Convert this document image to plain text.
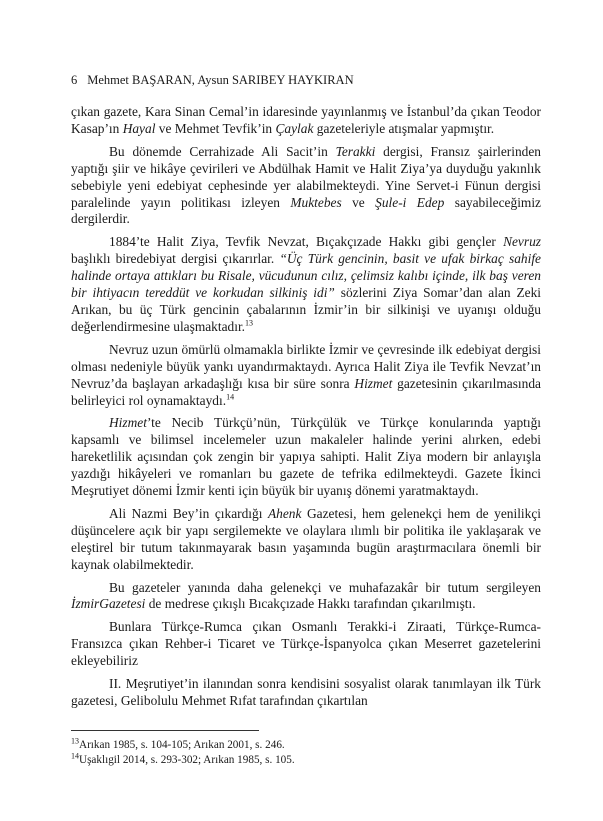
6 Mehmet BAŞARAN, Aysun SARIBEY HAYKIRAN

çıkan gazete, Kara Sinan Cemal’in idaresinde yayınlanmış ve İstanbul’da çıkan Teodor Kasap’ın Hayal ve Mehmet Tevfik’in Çaylak gazeteleriyle atışmalar yapmıştır.

Bu dönemde Cerrahizade Ali Sacit’in Terakki dergisi, Fransız şairlerinden yaptığı şiir ve hikâye çevirileri ve Abdülhak Hamit ve Halit Ziya’ya duyduğu yakınlık sebebiyle yeni edebiyat cephesinde yer alabilmekteydi. Yine Servet-i Fünun dergisi paralelinde yayın politikası izleyen Muktebes ve Şule-i Edep sayabileceğimiz dergilerdir.

1884’te Halit Ziya, Tevfik Nevzat, Bıçakçızade Hakkı gibi gençler Nevruz başlıklı biredebiyat dergisi çıkarırlar. “Üç Türk gencinin, basit ve ufak birkaç sahife halinde ortaya attıkları bu Risale, vücudunun cılız, çelimsiz kalıbı içinde, ilk baş veren bir ihtiyacın tereddüt ve korkudan silkiniş idi” sözlerini Ziya Somar’dan alan Zeki Arıkan, bu üç Türk gencinin çabalarının İzmir’in bir silkinişi ve uyanışı olduğu değerlendirmesine ulaşmaktadır.$^{13}$

Nevruz uzun ömürlü olmamakla birlikte İzmir ve çevresinde ilk edebiyat dergisi olması nedeniyle büyük yankı uyandırmaktaydı. Ayrıca Halit Ziya ile Tevfik Nevzat’ın Nevruz’da başlayan arkadaşlığı kısa bir süre sonra Hizmet gazetesinin çıkarılmasında belirleyici rol oynamaktaydı.$^{14}$

Hizmet’te Necib Türkçü’nün, Türkçülük ve Türkçe konularında yaptığı kapsamlı ve bilimsel incelemeler uzun makaleler halinde yerini alırken, edebi hareketlilik açısından çok zengin bir yapıya sahipti. Halit Ziya modern bir anlayışla yazdığı hikâyeleri ve romanları bu gazete de tefrika edilmekteydi. Gazete İkinci Meşrutiyet dönemi İzmir kenti için büyük bir uyanış dönemi yaratmaktaydı.

Ali Nazmi Bey’in çıkardığı Ahenk Gazetesi, hem gelenekçi hem de yenilikçi düşüncelere açık bir yapı sergilemekte ve olaylara ılımlı bir politika ile yaklaşarak ve eleştirel bir tutum takınmayarak basın yaşamında bugün araştırmacılara önemli bir kaynak olabilmektedir.

Bu gazeteler yanında daha gelenekçi ve muhafazakâr bir tutum sergileyen İzmirGazetesi de medrese çıkışlı Bıcakçızade Hakkı tarafından çıkarılmıştı.

Bunlara Türkçe-Rumca çıkan Osmanlı Terakki-i Ziraati, Türkçe-Rumca-Fransızca çıkan Rehber-i Ticaret ve Türkçe-İspanyolca çıkan Meserret gazetelerini ekleyebiliriz

II. Meşrutiyet’in ilanından sonra kendisini sosyalist olarak tanımlayan ilk Türk gazetesi, Gelibolulu Mehmet Rıfat tarafından çıkartılan

$^{13}$Arıkan 1985, s. 104-105; Arıkan 2001, s. 246.
$^{14}$Uşaklıgil 2014, s. 293-302; Arıkan 1985, s. 105.
